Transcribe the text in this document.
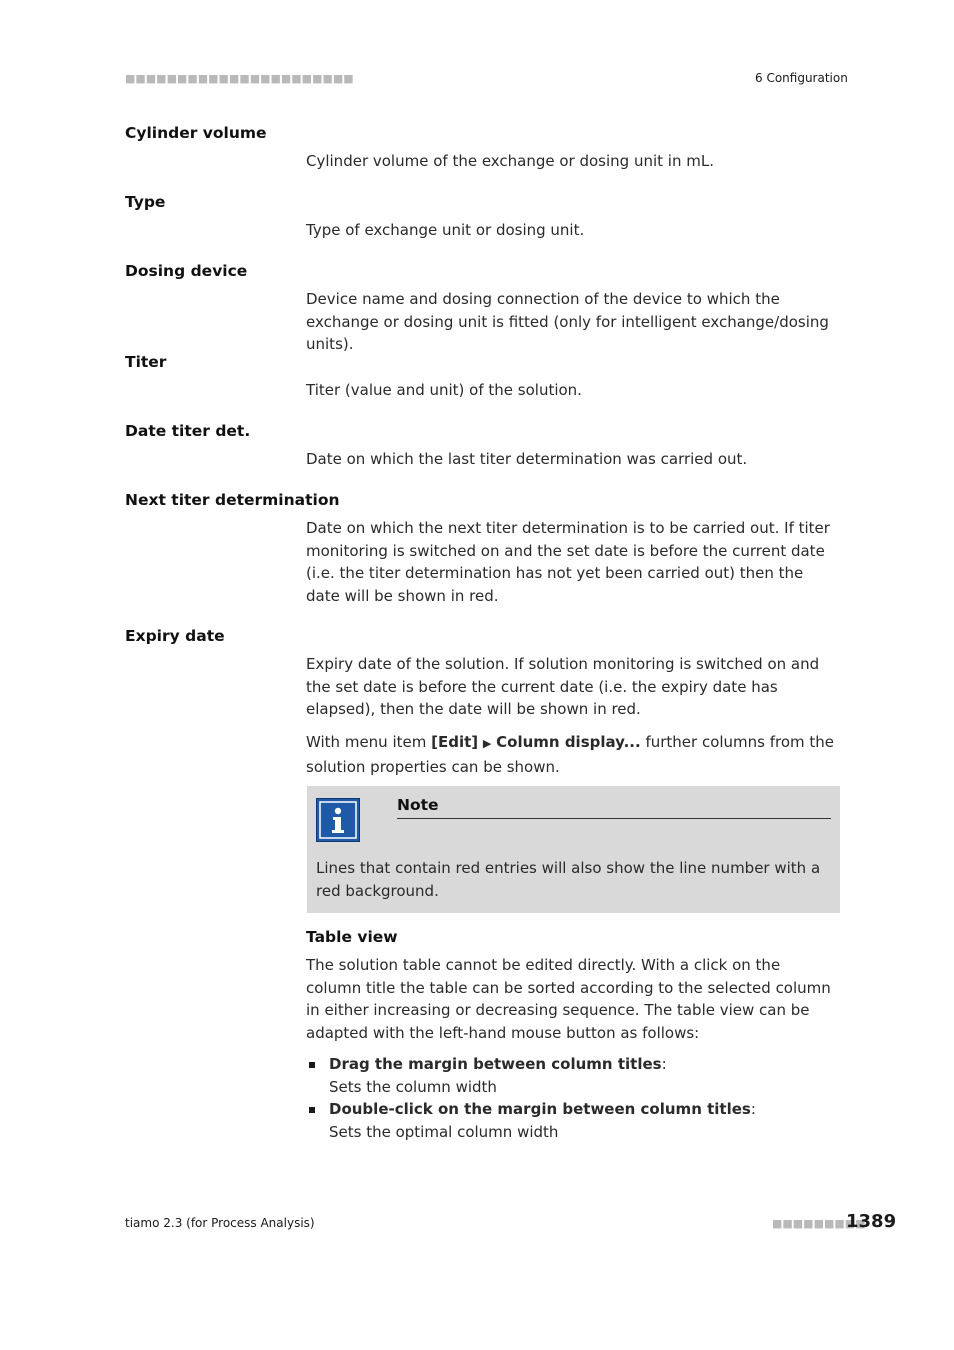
■■■■■■■■■■■■■■■■■■■■■■	6 Configuration
Cylinder volume
Cylinder volume of the exchange or dosing unit in mL.
Type
Type of exchange unit or dosing unit.
Dosing device
Device name and dosing connection of the device to which the exchange or dosing unit is fitted (only for intelligent exchange/dosing units).
Titer
Titer (value and unit) of the solution.
Date titer det.
Date on which the last titer determination was carried out.
Next titer determination
Date on which the next titer determination is to be carried out. If titer monitoring is switched on and the set date is before the current date (i.e. the titer determination has not yet been carried out) then the date will be shown in red.
Expiry date
Expiry date of the solution. If solution monitoring is switched on and the set date is before the current date (i.e. the expiry date has elapsed), then the date will be shown in red.
With menu item [Edit] ▶ Column display... further columns from the solution properties can be shown.
Note
Lines that contain red entries will also show the line number with a red background.
Table view
The solution table cannot be edited directly. With a click on the column title the table can be sorted according to the selected column in either increasing or decreasing sequence. The table view can be adapted with the left-hand mouse button as follows:
Drag the margin between column titles:
Sets the column width
Double-click on the margin between column titles:
Sets the optimal column width
tiamo 2.3 (for Process Analysis)	■■■■■■■■■
1389
